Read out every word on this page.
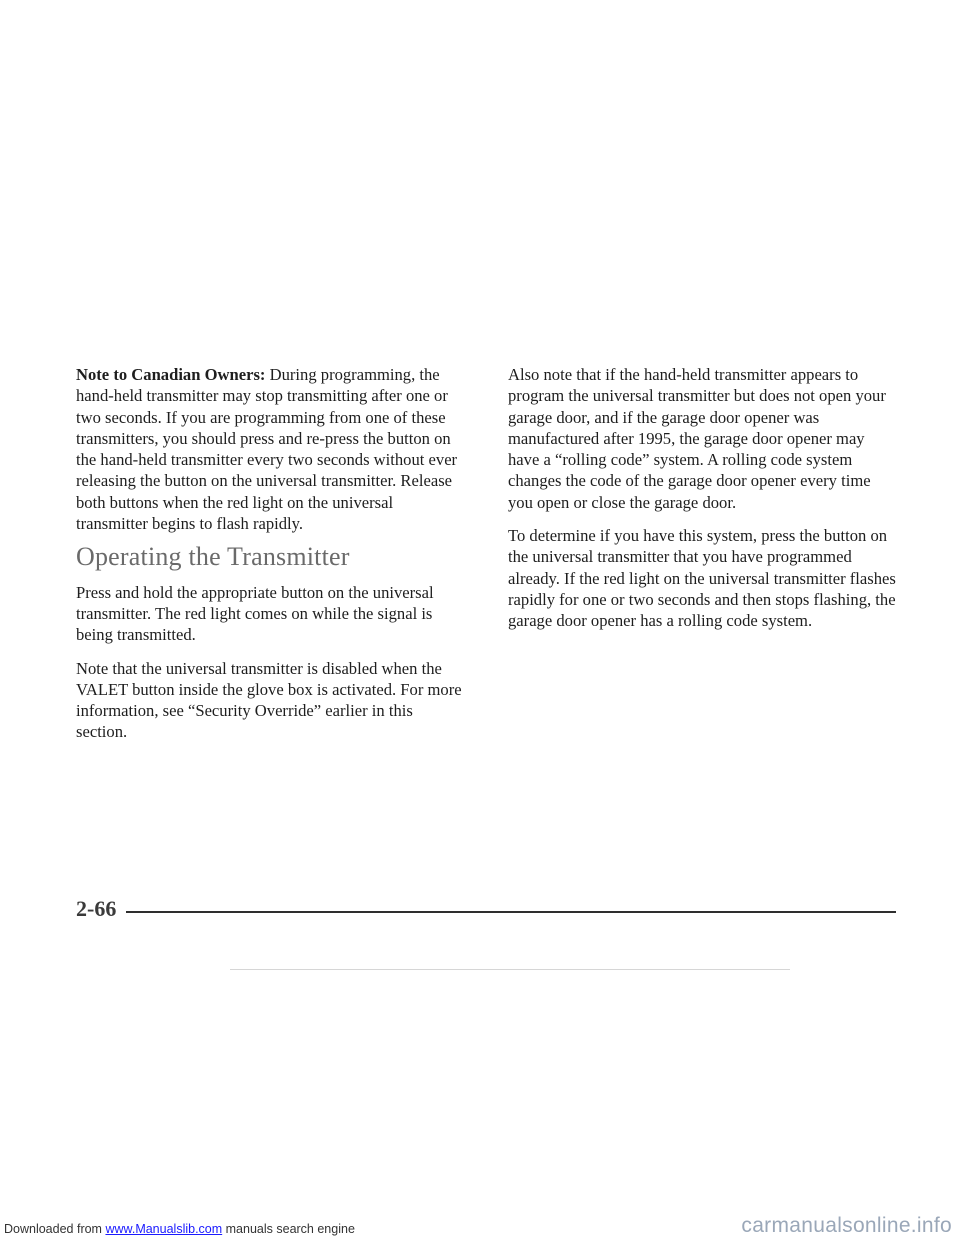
Note to Canadian Owners: During programming, the hand-held transmitter may stop transmitting after one or two seconds. If you are programming from one of these transmitters, you should press and re-press the button on the hand-held transmitter every two seconds without ever releasing the button on the universal transmitter. Release both buttons when the red light on the universal transmitter begins to flash rapidly.

Operating the Transmitter

Press and hold the appropriate button on the universal transmitter. The red light comes on while the signal is being transmitted.

Note that the universal transmitter is disabled when the VALET button inside the glove box is activated. For more information, see “Security Override” earlier in this section.

Also note that if the hand-held transmitter appears to program the universal transmitter but does not open your garage door, and if the garage door opener was manufactured after 1995, the garage door opener may have a “rolling code” system. A rolling code system changes the code of the garage door opener every time you open or close the garage door.

To determine if you have this system, press the button on the universal transmitter that you have programmed already. If the red light on the universal transmitter flashes rapidly for one or two seconds and then stops flashing, the garage door opener has a rolling code system.

2-66
Downloaded from www.Manualslib.com manuals search engine	carmanualsonline.info
